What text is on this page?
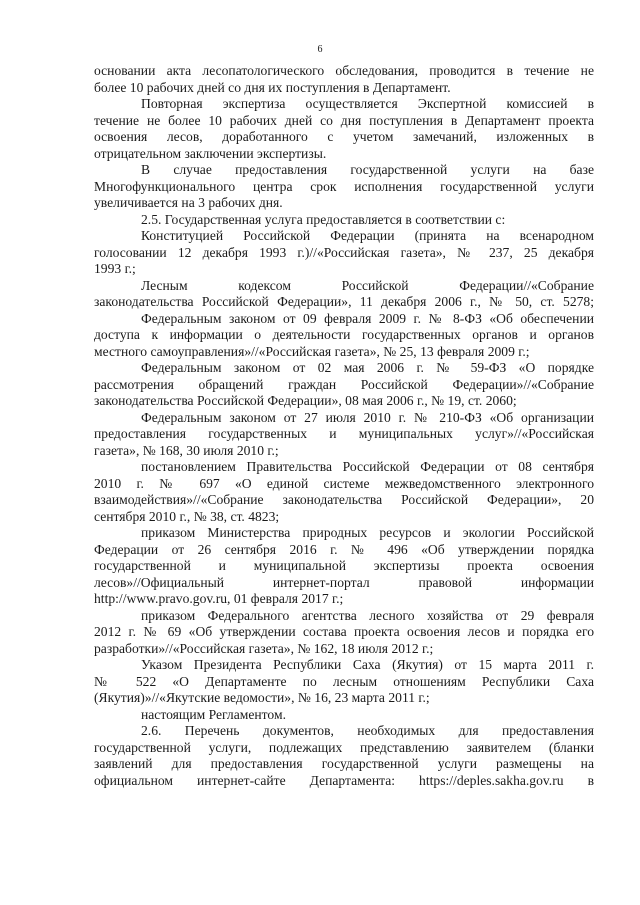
6
основании акта лесопатологического обследования, проводится в течение не
более 10 рабочих дней со дня их поступления в Департамент.
Повторная экспертиза осуществляется Экспертной комиссией в
течение не более 10 рабочих дней со дня поступления в Департамент проекта
освоения лесов, доработанного с учетом замечаний, изложенных в
отрицательном заключении экспертизы.
В случае предоставления государственной услуги на базе
Многофункционального центра срок исполнения государственной услуги
увеличивается на 3 рабочих дня.
2.5. Государственная услуга предоставляется в соответствии с:
Конституцией Российской Федерации (принята на всенародном
голосовании 12 декабря 1993 г.)//«Российская газета», № 237, 25 декабря
1993 г.;
Лесным кодексом Российской Федерации//«Собрание
законодательства Российской Федерации», 11 декабря 2006 г., № 50, ст. 5278;
Федеральным законом от 09 февраля 2009 г. № 8-ФЗ «Об обеспечении
доступа к информации о деятельности государственных органов и органов
местного самоуправления»//«Российская газета», № 25, 13 февраля 2009 г.;
Федеральным законом от 02 мая 2006 г. № 59-ФЗ «О порядке
рассмотрения обращений граждан Российской Федерации»//«Собрание
законодательства Российской Федерации», 08 мая 2006 г., № 19, ст. 2060;
Федеральным законом от 27 июля 2010 г. № 210-ФЗ «Об организации
предоставления государственных и муниципальных услуг»//«Российская
газета», № 168, 30 июля 2010 г.;
постановлением Правительства Российской Федерации от 08 сентября
2010 г. № 697 «О единой системе межведомственного электронного
взаимодействия»//«Собрание законодательства Российской Федерации», 20
сентября 2010 г., № 38, ст. 4823;
приказом Министерства природных ресурсов и экологии Российской
Федерации от 26 сентября 2016 г. № 496 «Об утверждении порядка
государственной и муниципальной экспертизы проекта освоения
лесов»//Официальный интернет-портал правовой информации
http://www.pravo.gov.ru, 01 февраля 2017 г.;
приказом Федерального агентства лесного хозяйства от 29 февраля
2012 г. № 69 «Об утверждении состава проекта освоения лесов и порядка его
разработки»//«Российская газета», № 162, 18 июля 2012 г.;
Указом Президента Республики Саха (Якутия) от 15 марта 2011 г.
№ 522 «О Департаменте по лесным отношениям Республики Саха
(Якутия)»//«Якутские ведомости», № 16, 23 марта 2011 г.;
настоящим Регламентом.
2.6. Перечень документов, необходимых для предоставления
государственной услуги, подлежащих представлению заявителем (бланки
заявлений для предоставления государственной услуги размещены на
официальном интернет-сайте Департамента: https://deples.sakha.gov.ru в
